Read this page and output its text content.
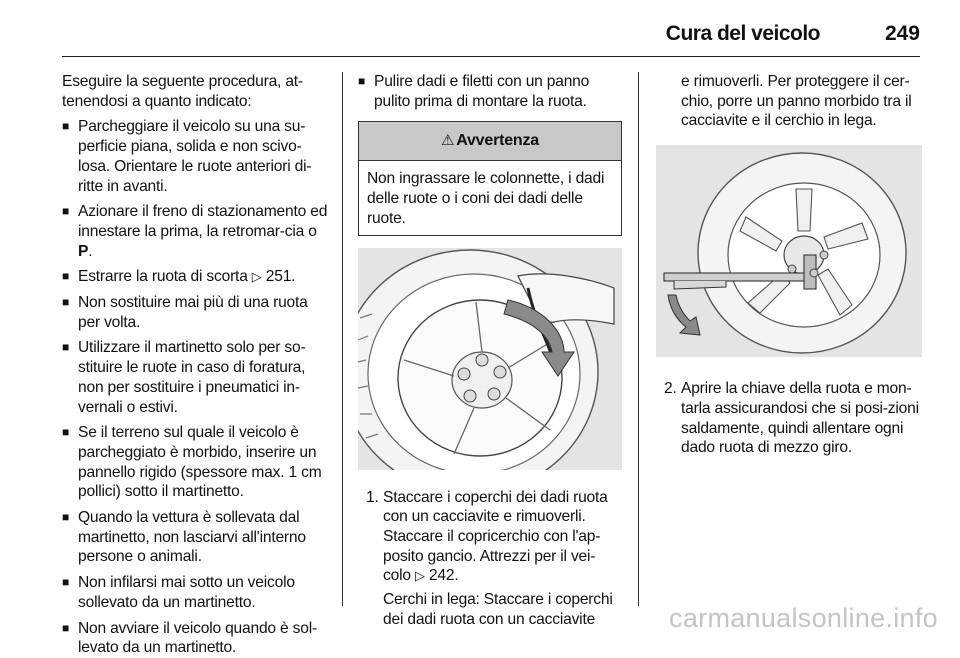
Cura del veicolo	249

Eseguire la seguente procedura, at-tenendosi a quanto indicato:

■ Parcheggiare il veicolo su una su-perficie piana, solida e non scivo-losa. Orientare le ruote anteriori di-ritte in avanti.
■ Azionare il freno di stazionamento ed innestare la prima, la retromar-cia o P.
■ Estrarre la ruota di scorta ▷ 251.
■ Non sostituire mai più di una ruota per volta.
■ Utilizzare il martinetto solo per so-stituire le ruote in caso di foratura, non per sostituire i pneumatici in-vernali o estivi.
■ Se il terreno sul quale il veicolo è parcheggiato è morbido, inserire un pannello rigido (spessore max. 1 cm pollici) sotto il martinetto.
■ Quando la vettura è sollevata dal martinetto, non lasciarvi all'interno persone o animali.
■ Non infilarsi mai sotto un veicolo sollevato da un martinetto.
■ Non avviare il veicolo quando è sol-levato da un martinetto.
■ Pulire dadi e filetti con un panno pulito prima di montare la ruota.
⚠ Avvertenza
Non ingrassare le colonnette, i dadi delle ruote o i coni dei dadi delle ruote.
1. Staccare i coperchi dei dadi ruota con un cacciavite e rimuoverli. Staccare il copricerchio con l'ap-posito gancio. Attrezzi per il vei-colo ▷ 242.

Cerchi in lega: Staccare i coperchi dei dadi ruota con un cacciavite

e rimuoverli. Per proteggere il cer-chio, porre un panno morbido tra il cacciavite e il cerchio in lega.

2. Aprire la chiave della ruota e mon-tarla assicurandosi che si posi-zioni saldamente, quindi allentare ogni dado ruota di mezzo giro.

carmanualsonline.info
